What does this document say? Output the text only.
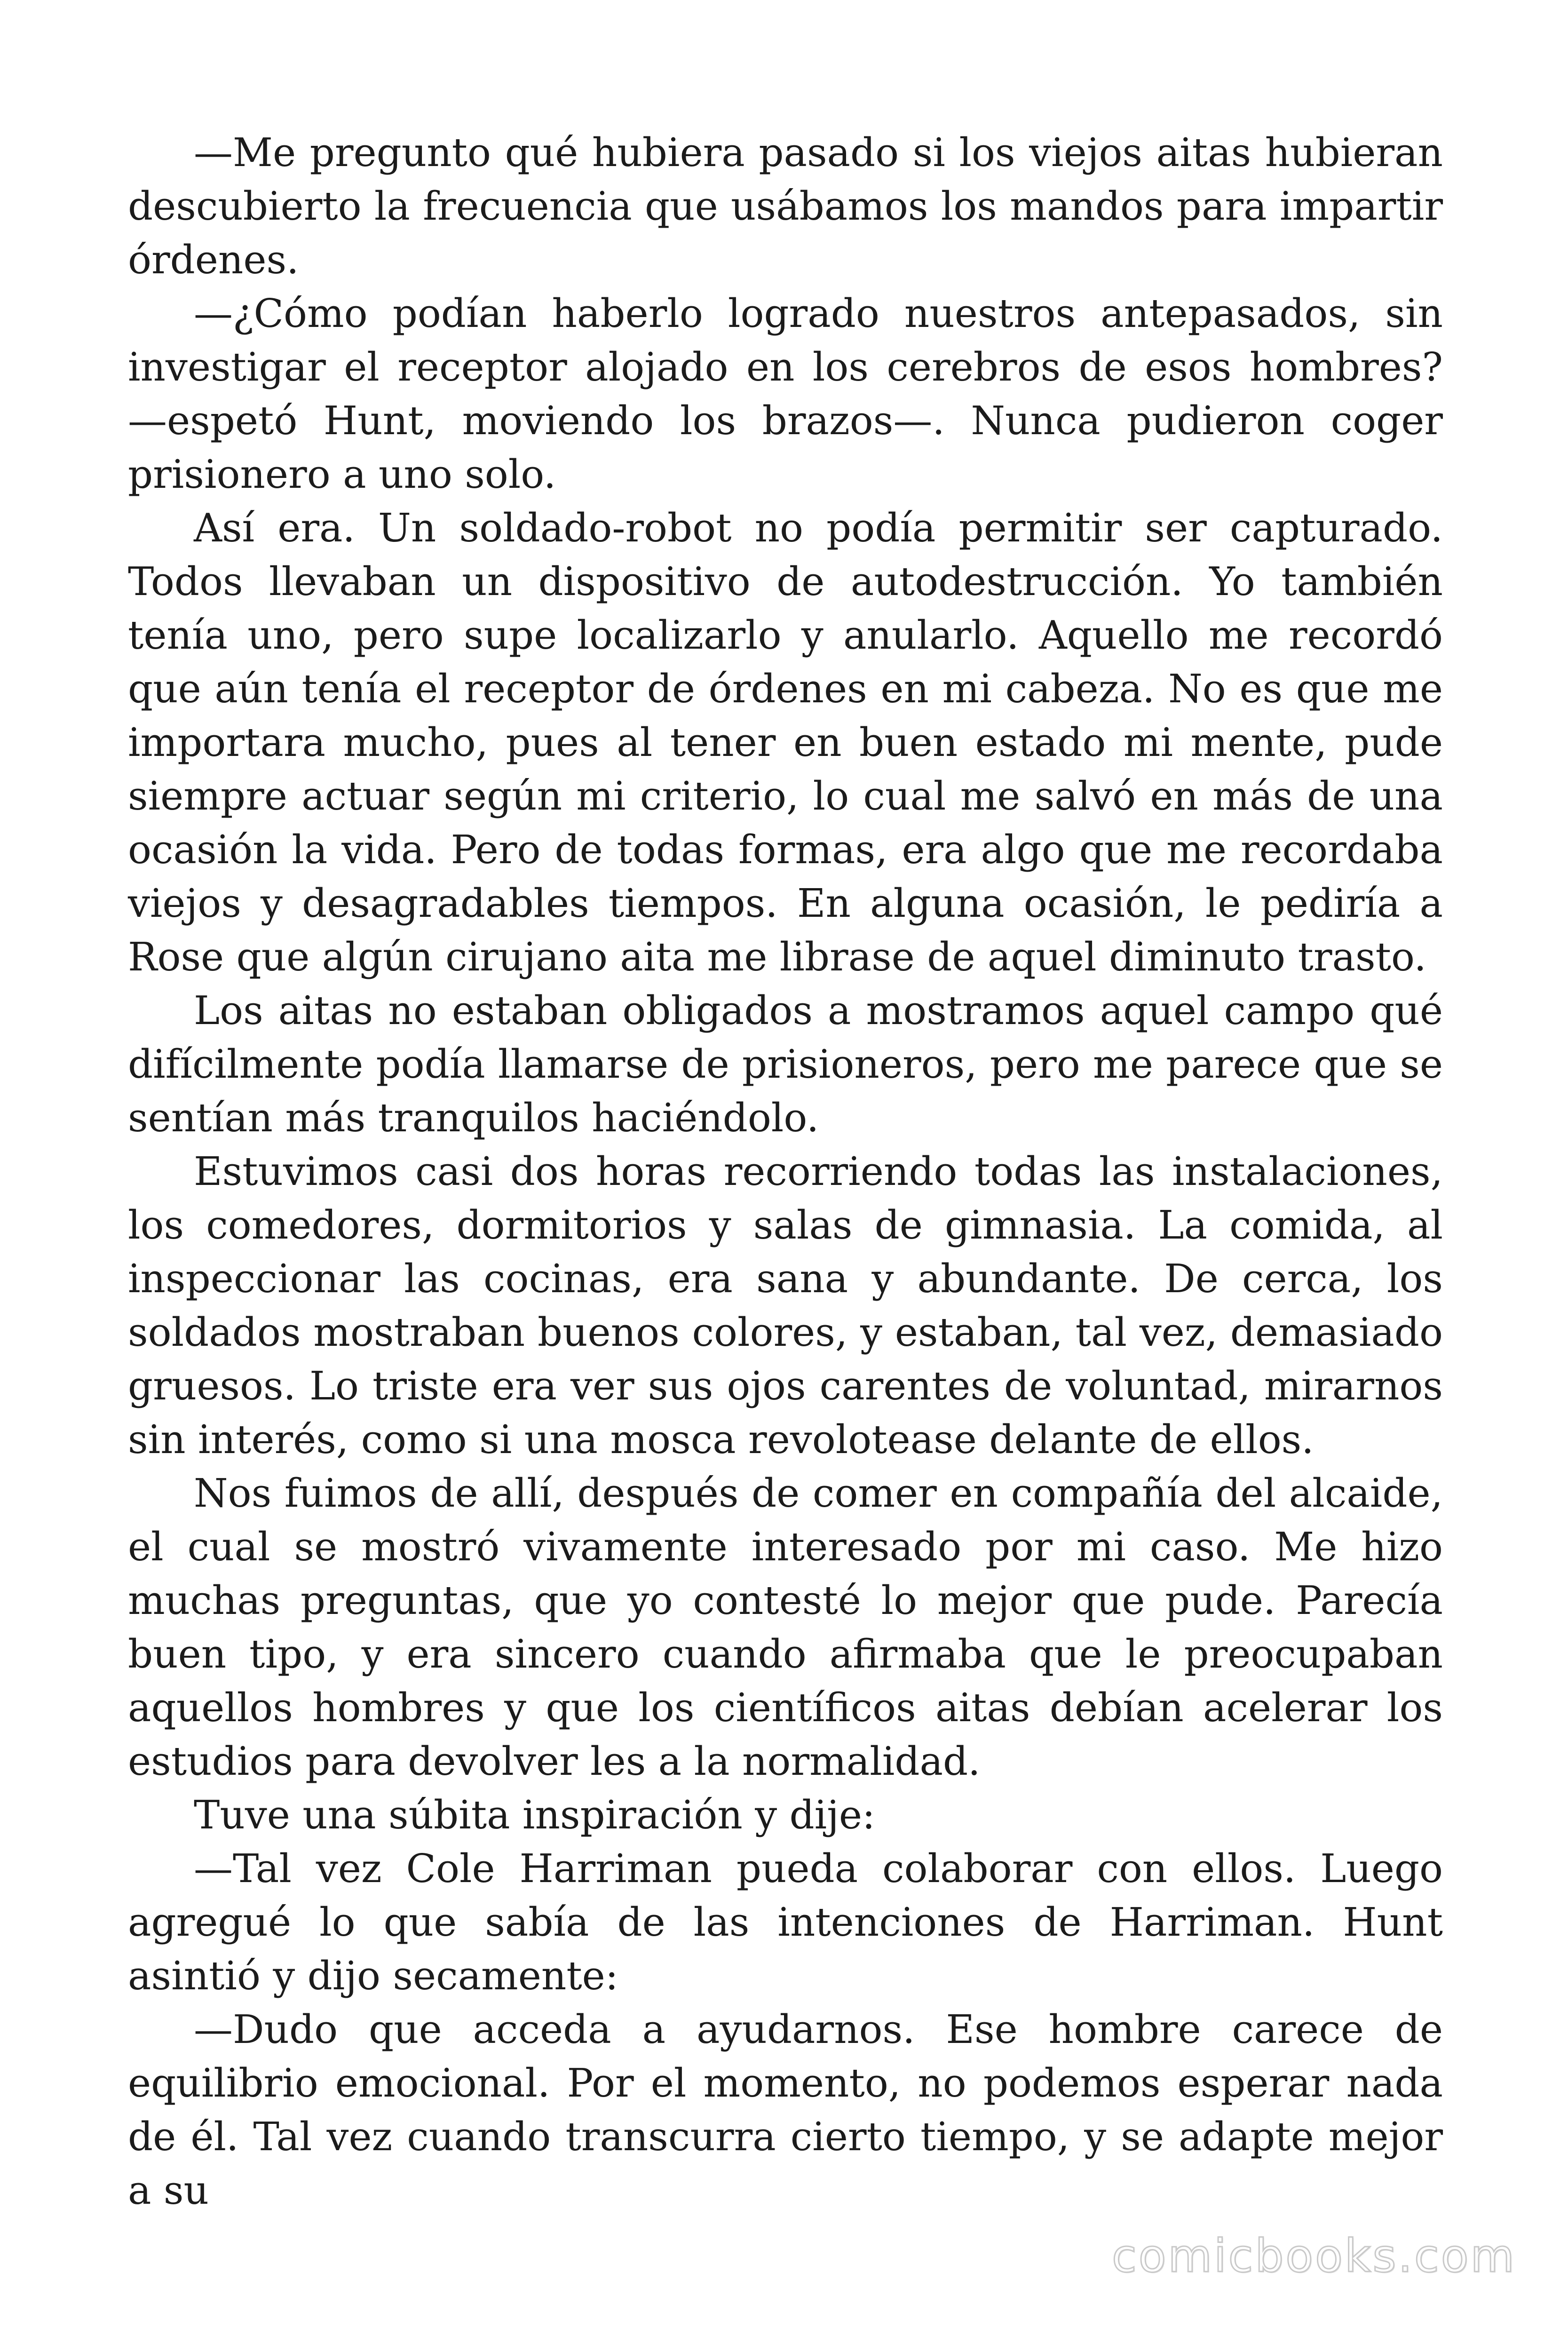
—Me pregunto qué hubiera pasado si los viejos aitas hubieran descubierto la frecuencia que usábamos los mandos para impartir órdenes.

—¿Cómo podían haberlo logrado nuestros antepasados, sin investigar el receptor alojado en los cerebros de esos hombres? —espetó Hunt, moviendo los brazos—. Nunca pudieron coger prisionero a uno solo.

Así era. Un soldado-robot no podía permitir ser capturado. Todos llevaban un dispositivo de autodestrucción. Yo también tenía uno, pero supe localizarlo y anularlo. Aquello me recordó que aún tenía el receptor de órdenes en mi cabeza. No es que me importara mucho, pues al tener en buen estado mi mente, pude siempre actuar según mi criterio, lo cual me salvó en más de una ocasión la vida. Pero de todas formas, era algo que me recordaba viejos y desagradables tiempos. En alguna ocasión, le pediría a Rose que algún cirujano aita me librase de aquel diminuto trasto.

Los aitas no estaban obligados a mostramos aquel campo qué difícilmente podía llamarse de prisioneros, pero me parece que se sentían más tranquilos haciéndolo.

Estuvimos casi dos horas recorriendo todas las instalaciones, los comedores, dormitorios y salas de gimnasia. La comida, al inspeccionar las cocinas, era sana y abundante. De cerca, los soldados mostraban buenos colores, y estaban, tal vez, demasiado gruesos. Lo triste era ver sus ojos carentes de voluntad, mirarnos sin interés, como si una mosca revolotease delante de ellos.

Nos fuimos de allí, después de comer en compañía del alcaide, el cual se mostró vivamente interesado por mi caso. Me hizo muchas preguntas, que yo contesté lo mejor que pude. Parecía buen tipo, y era sincero cuando afirmaba que le preocupaban aquellos hombres y que los científicos aitas debían acelerar los estudios para devolver les a la normalidad.

Tuve una súbita inspiración y dije:

—Tal vez Cole Harriman pueda colaborar con ellos. Luego agregué lo que sabía de las intenciones de Harriman. Hunt asintió y dijo secamente:

—Dudo que acceda a ayudarnos. Ese hombre carece de equilibrio emocional. Por el momento, no podemos esperar nada de él. Tal vez cuando transcurra cierto tiempo, y se adapte mejor a su

comicbooks.com
